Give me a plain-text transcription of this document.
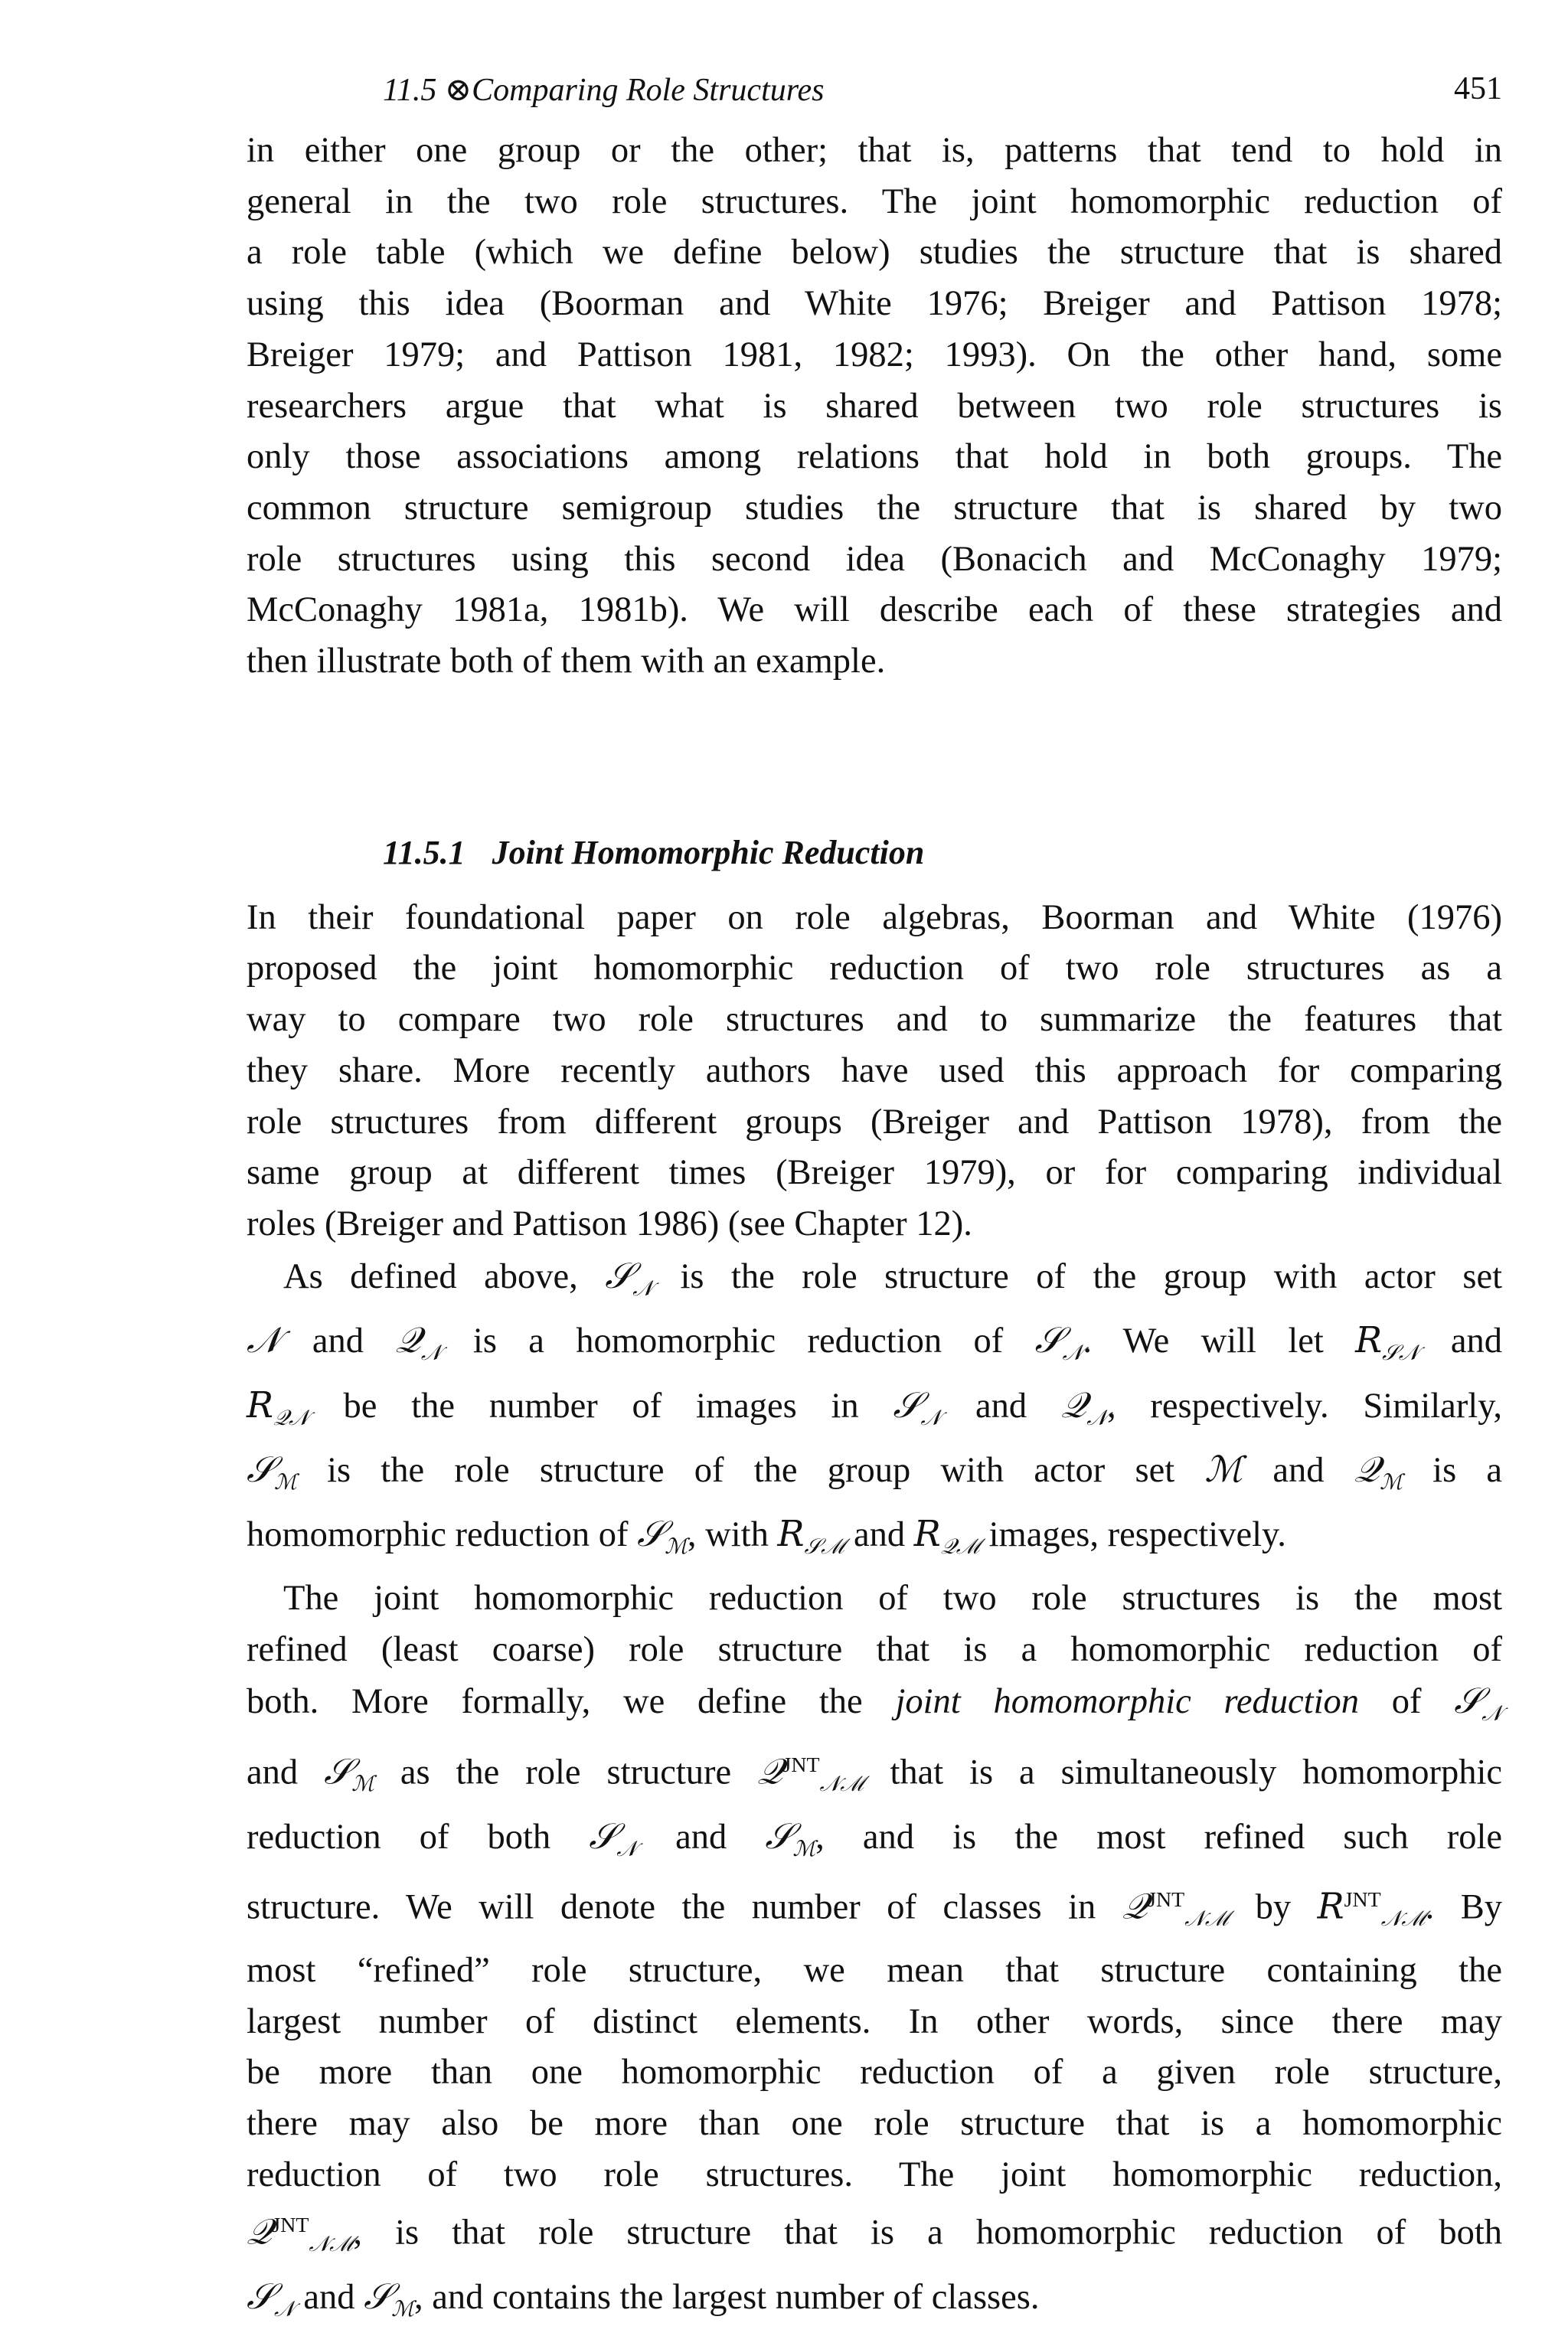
11.5 ⊗Comparing Role Structures	451
in either one group or the other; that is, patterns that tend to hold in
general in the two role structures. The joint homomorphic reduction of
a role table (which we define below) studies the structure that is shared
using this idea (Boorman and White 1976; Breiger and Pattison 1978;
Breiger 1979; and Pattison 1981, 1982; 1993). On the other hand, some
researchers argue that what is shared between two role structures is
only those associations among relations that hold in both groups. The
common structure semigroup studies the structure that is shared by two
role structures using this second idea (Bonacich and McConaghy 1979;
McConaghy 1981a, 1981b). We will describe each of these strategies and
then illustrate both of them with an example.
11.5.1 Joint Homomorphic Reduction
In their foundational paper on role algebras, Boorman and White (1976)
proposed the joint homomorphic reduction of two role structures as a
way to compare two role structures and to summarize the features that
they share. More recently authors have used this approach for comparing
role structures from different groups (Breiger and Pattison 1978), from the
same group at different times (Breiger 1979), or for comparing individual
roles (Breiger and Pattison 1986) (see Chapter 12).
As defined above, 𝒮$_𝒩$ is the role structure of the group with actor set
𝒩 and 𝒬$_𝒩$ is a homomorphic reduction of 𝒮$_𝒩$. We will let $R_{𝒮𝒩}$ and
$R_{𝒬𝒩}$ be the number of images in 𝒮$_𝒩$ and 𝒬$_𝒩$, respectively. Similarly,
𝒮$_ℳ$ is the role structure of the group with actor set ℳ and 𝒬$_ℳ$ is a
homomorphic reduction of 𝒮$_ℳ$, with $R_{𝒮ℳ}$ and $R_{𝒬ℳ}$ images, respectively.
The joint homomorphic reduction of two role structures is the most
refined (least coarse) role structure that is a homomorphic reduction of
both. More formally, we define the joint homomorphic reduction of 𝒮$_𝒩$
and 𝒮$_ℳ$ as the role structure 𝒬$^{JNT}_{𝒩ℳ}$ that is a simultaneously homomorphic
reduction of both 𝒮$_𝒩$ and 𝒮$_ℳ$, and is the most refined such role
structure. We will denote the number of classes in 𝒬$^{JNT}_{𝒩ℳ}$ by $R^{JNT}_{𝒩ℳ}$. By
most “refined” role structure, we mean that structure containing the
largest number of distinct elements. In other words, since there may
be more than one homomorphic reduction of a given role structure,
there may also be more than one role structure that is a homomorphic
reduction of two role structures. The joint homomorphic reduction,
𝒬$^{JNT}_{𝒩ℳ}$, is that role structure that is a homomorphic reduction of both
𝒮$_𝒩$ and 𝒮$_ℳ$, and contains the largest number of classes.
